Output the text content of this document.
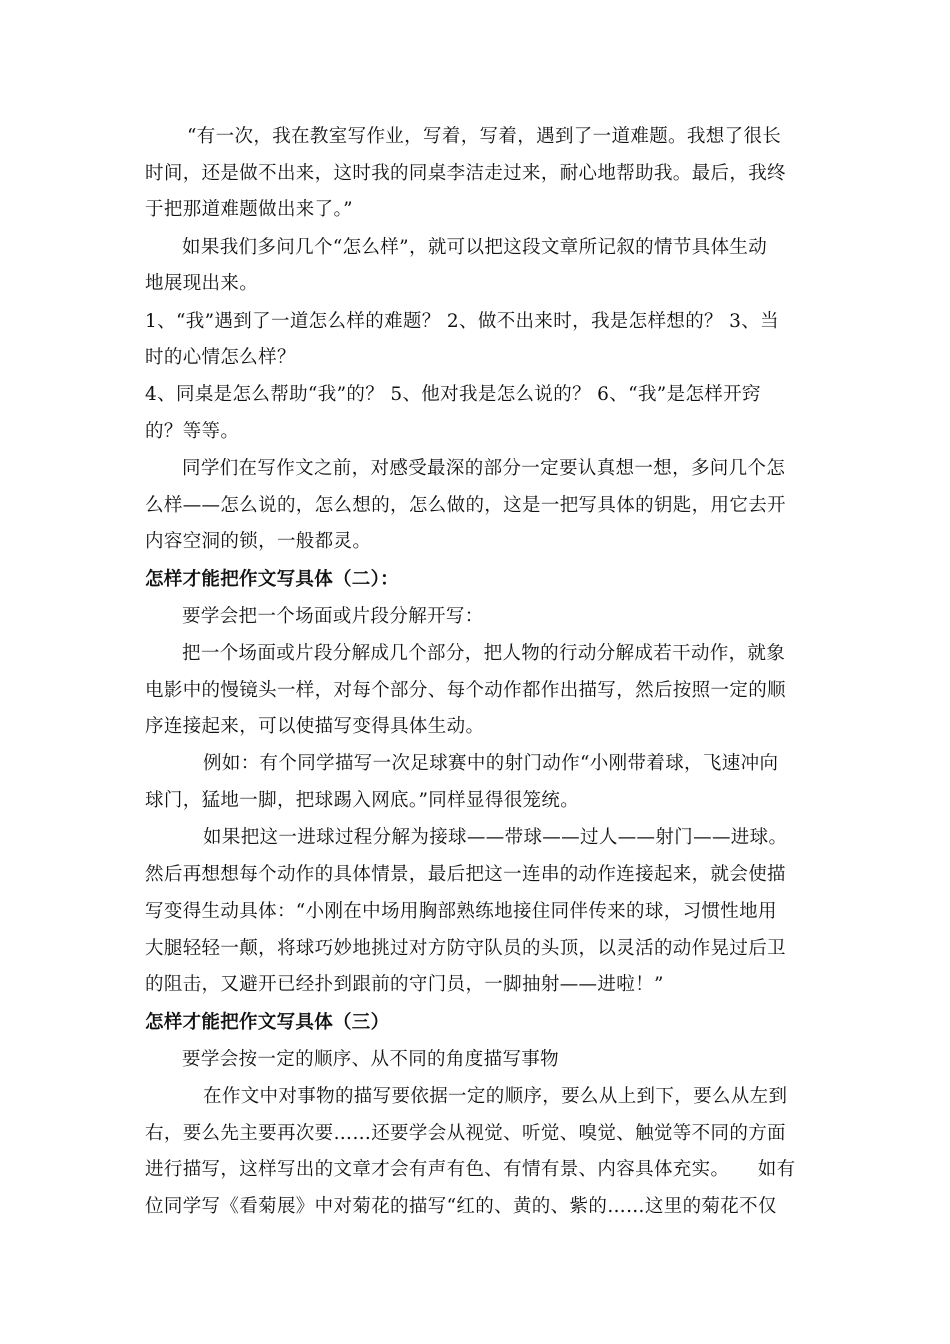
“有一次，我在教室写作业，写着，写着，遇到了一道难题。我想了很长
时间，还是做不出来，这时我的同桌李洁走过来，耐心地帮助我。最后，我终
于把那道难题做出来了。”
如果我们多问几个“怎么样”，就可以把这段文章所记叙的情节具体生动
地展现出来。
1、“我”遇到了一道怎么样的难题？ 2、做不出来时，我是怎样想的？ 3、当
时的心情怎么样？
4、同桌是怎么帮助“我”的？ 5、他对我是怎么说的？ 6、“我”是怎样开窍
的？等等。
同学们在写作文之前，对感受最深的部分一定要认真想一想，多问几个怎
么样——怎么说的，怎么想的，怎么做的，这是一把写具体的钥匙，用它去开
内容空洞的锁，一般都灵。
怎样才能把作文写具体（二）：
要学会把一个场面或片段分解开写：
把一个场面或片段分解成几个部分，把人物的行动分解成若干动作，就象
电影中的慢镜头一样，对每个部分、每个动作都作出描写，然后按照一定的顺
序连接起来，可以使描写变得具体生动。
例如：有个同学描写一次足球赛中的射门动作“小刚带着球，飞速冲向
球门，猛地一脚，把球踢入网底。”同样显得很笼统。
如果把这一进球过程分解为接球——带球——过人——射门——进球。
然后再想想每个动作的具体情景，最后把这一连串的动作连接起来，就会使描
写变得生动具体：“小刚在中场用胸部熟练地接住同伴传来的球，习惯性地用
大腿轻轻一颠，将球巧妙地挑过对方防守队员的头顶，以灵活的动作晃过后卫
的阻击，又避开已经扑到跟前的守门员，一脚抽射——进啦！”
怎样才能把作文写具体（三）
要学会按一定的顺序、从不同的角度描写事物
在作文中对事物的描写要依据一定的顺序，要么从上到下，要么从左到
右，要么先主要再次要……还要学会从视觉、听觉、嗅觉、触觉等不同的方面
进行描写，这样写出的文章才会有声有色、有情有景、内容具体充实。　　如有
位同学写《看菊展》中对菊花的描写“红的、黄的、紫的……这里的菊花不仅
